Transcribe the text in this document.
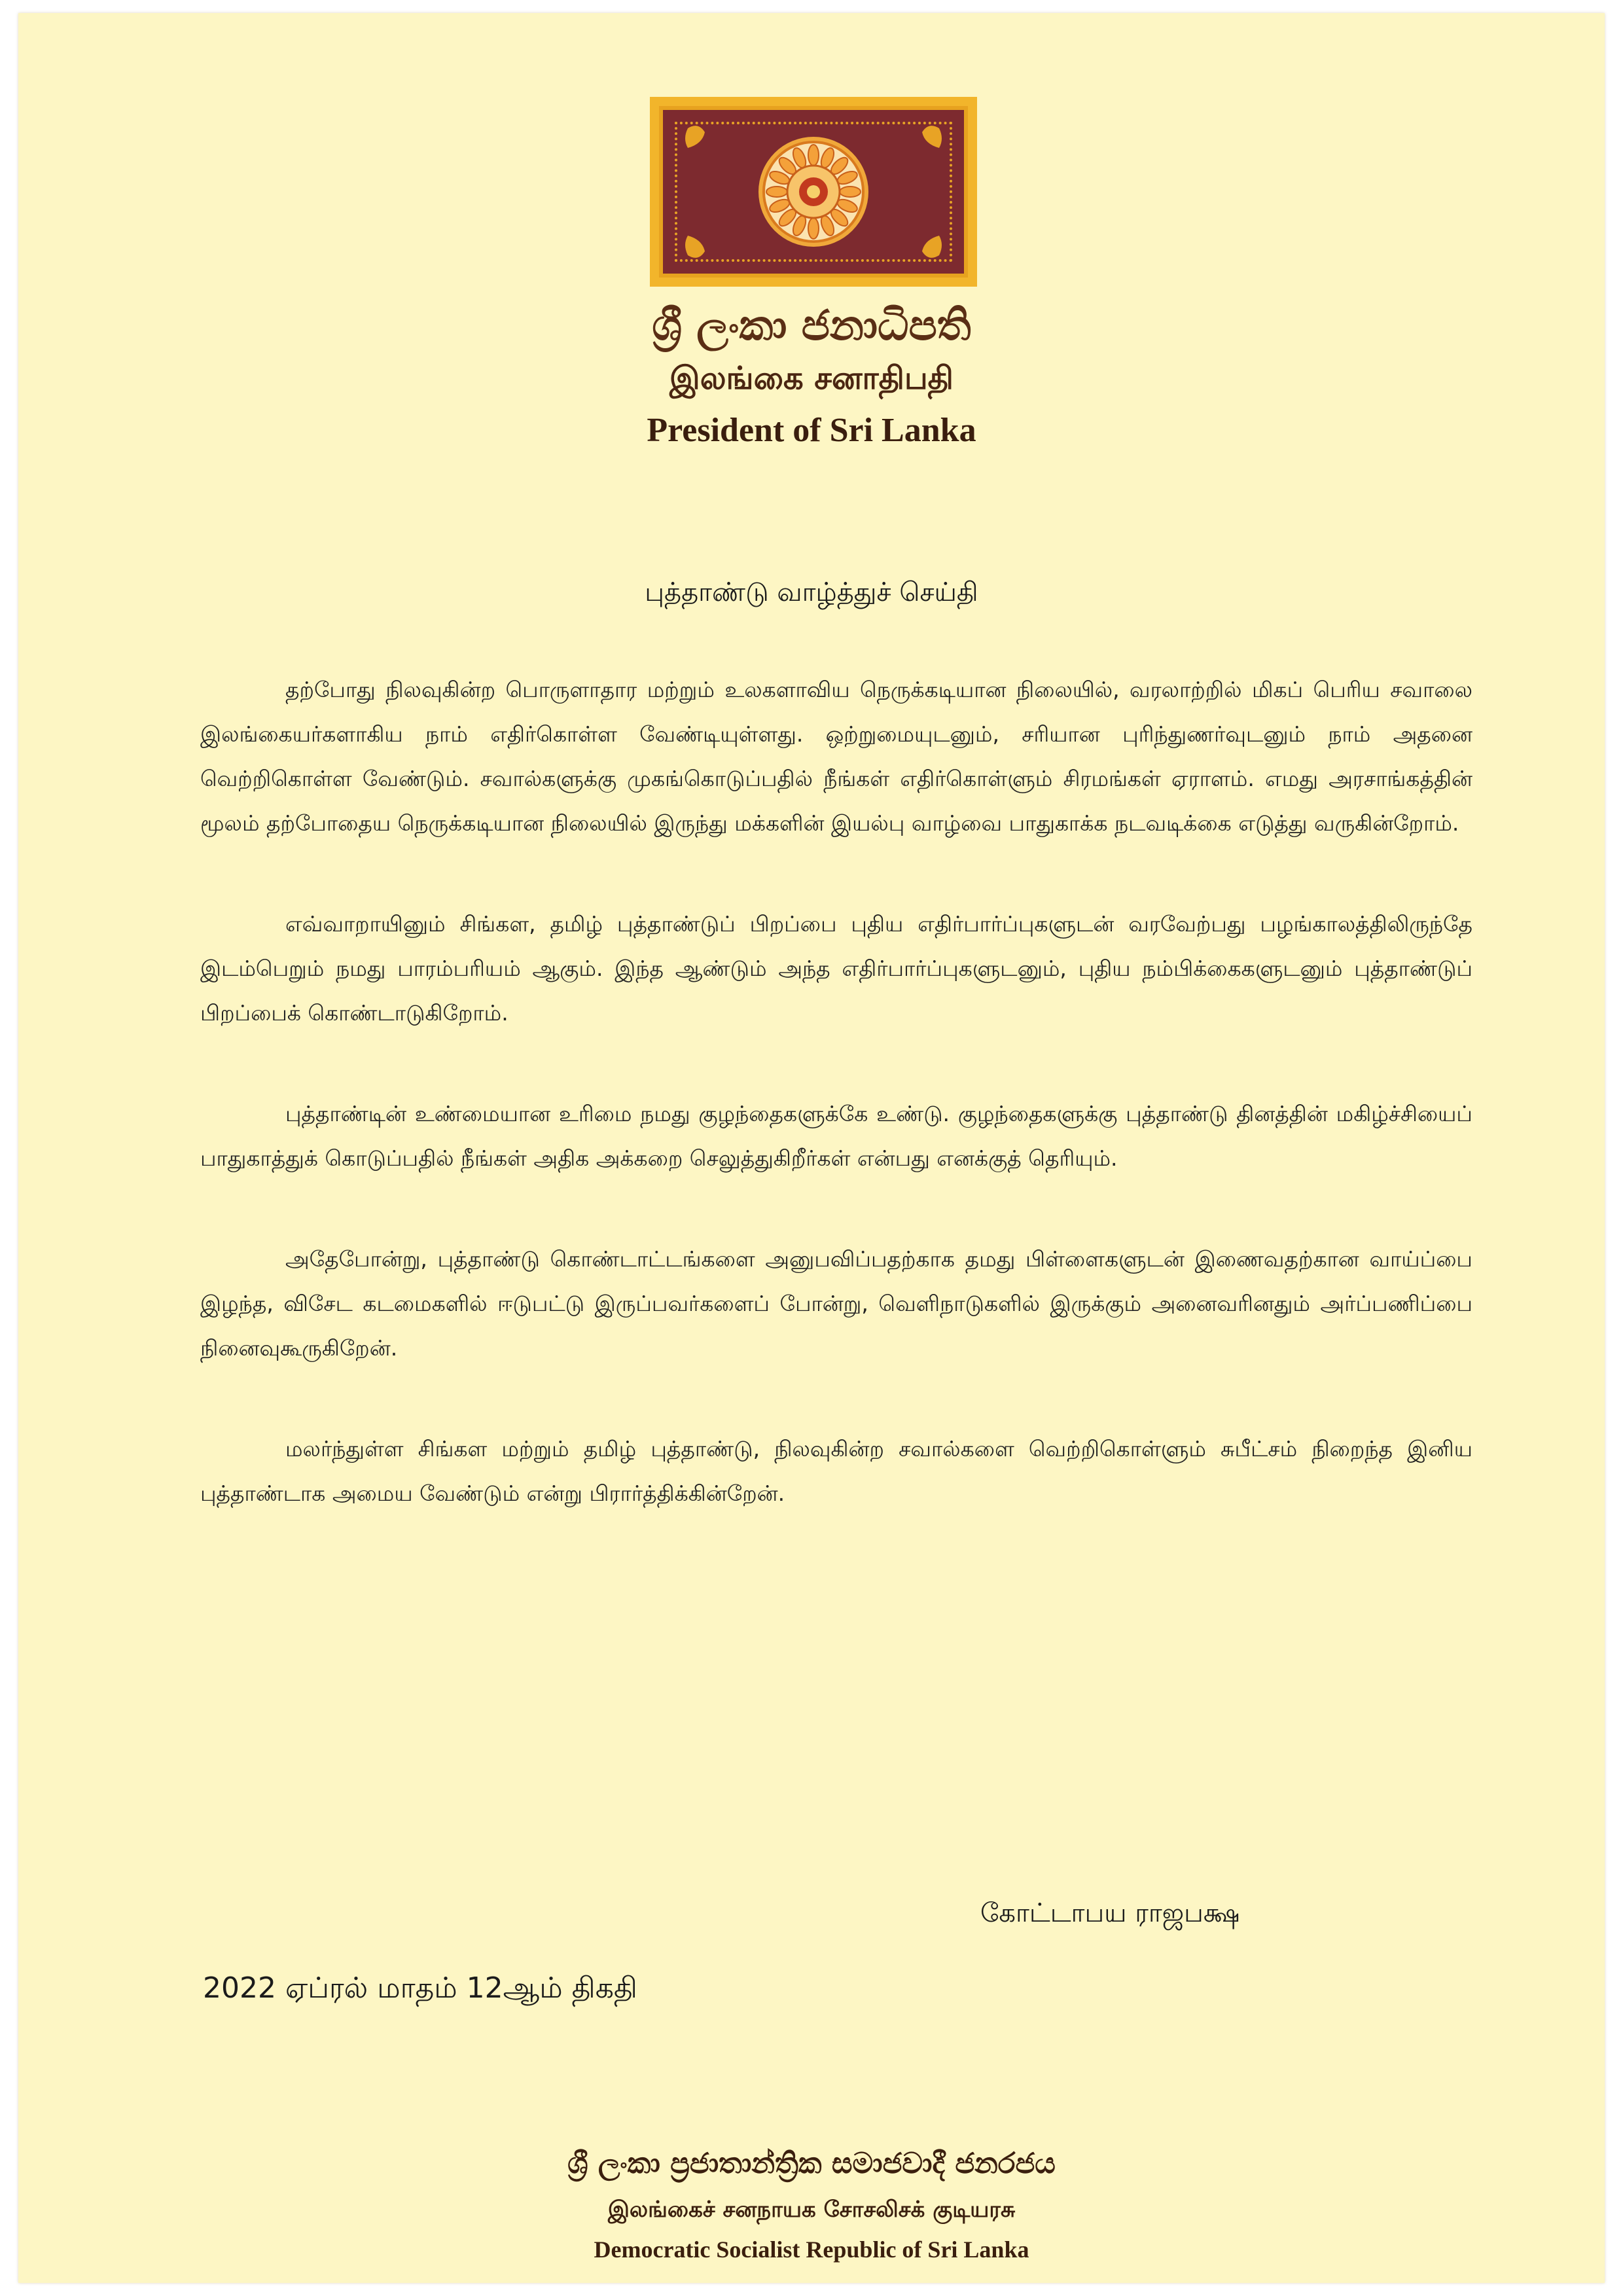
ශ්‍රී ලංකා ජනාධිපති
இலங்கை சனாதிபதி
President of Sri Lanka
புத்தாண்டு வாழ்த்துச் செய்தி

தற்போது நிலவுகின்ற பொருளாதார மற்றும் உலகளாவிய நெருக்கடியான நிலையில், வரலாற்றில் மிகப் பெரிய சவாலை இலங்கையர்களாகிய நாம் எதிர்கொள்ள வேண்டியுள்ளது. ஒற்றுமையுடனும், சரியான புரிந்துணர்வுடனும் நாம் அதனை வெற்றிகொள்ள வேண்டும். சவால்களுக்கு முகங்கொடுப்பதில் நீங்கள் எதிர்கொள்ளும் சிரமங்கள் ஏராளம். எமது அரசாங்கத்தின் மூலம் தற்போதைய நெருக்கடியான நிலையில் இருந்து மக்களின் இயல்பு வாழ்வை பாதுகாக்க நடவடிக்கை எடுத்து வருகின்றோம்.

எவ்வாறாயினும் சிங்கள, தமிழ் புத்தாண்டுப் பிறப்பை புதிய எதிர்பார்ப்புகளுடன் வரவேற்பது பழங்காலத்திலிருந்தே இடம்பெறும் நமது பாரம்பரியம் ஆகும். இந்த ஆண்டும் அந்த எதிர்பார்ப்புகளுடனும், புதிய நம்பிக்கைகளுடனும் புத்தாண்டுப் பிறப்பைக் கொண்டாடுகிறோம்.

புத்தாண்டின் உண்மையான உரிமை நமது குழந்தைகளுக்கே உண்டு. குழந்தைகளுக்கு புத்தாண்டு தினத்தின் மகிழ்ச்சியைப் பாதுகாத்துக் கொடுப்பதில் நீங்கள் அதிக அக்கறை செலுத்துகிறீர்கள் என்பது எனக்குத் தெரியும்.

அதேபோன்று, புத்தாண்டு கொண்டாட்டங்களை அனுபவிப்பதற்காக தமது பிள்ளைகளுடன் இணைவதற்கான வாய்ப்பை இழந்த, விசேட கடமைகளில் ஈடுபட்டு இருப்பவர்களைப் போன்று, வெளிநாடுகளில் இருக்கும் அனைவரினதும் அர்ப்பணிப்பை நினைவுகூருகிறேன்.

மலர்ந்துள்ள சிங்கள மற்றும் தமிழ் புத்தாண்டு, நிலவுகின்ற சவால்களை வெற்றிகொள்ளும் சுபீட்சம் நிறைந்த இனிய புத்தாண்டாக அமைய வேண்டும் என்று பிரார்த்திக்கின்றேன்.

கோட்டாபய ராஜபக்ஷ
2022 ஏப்ரல் மாதம் 12ஆம் திகதி
ශ්‍රී ලංකා ප්‍රජාතාන්ත්‍රික සමාජවාදී ජනරජය
இலங்கைச் சனநாயக சோசலிசக் குடியரசு
Democratic Socialist Republic of Sri Lanka
